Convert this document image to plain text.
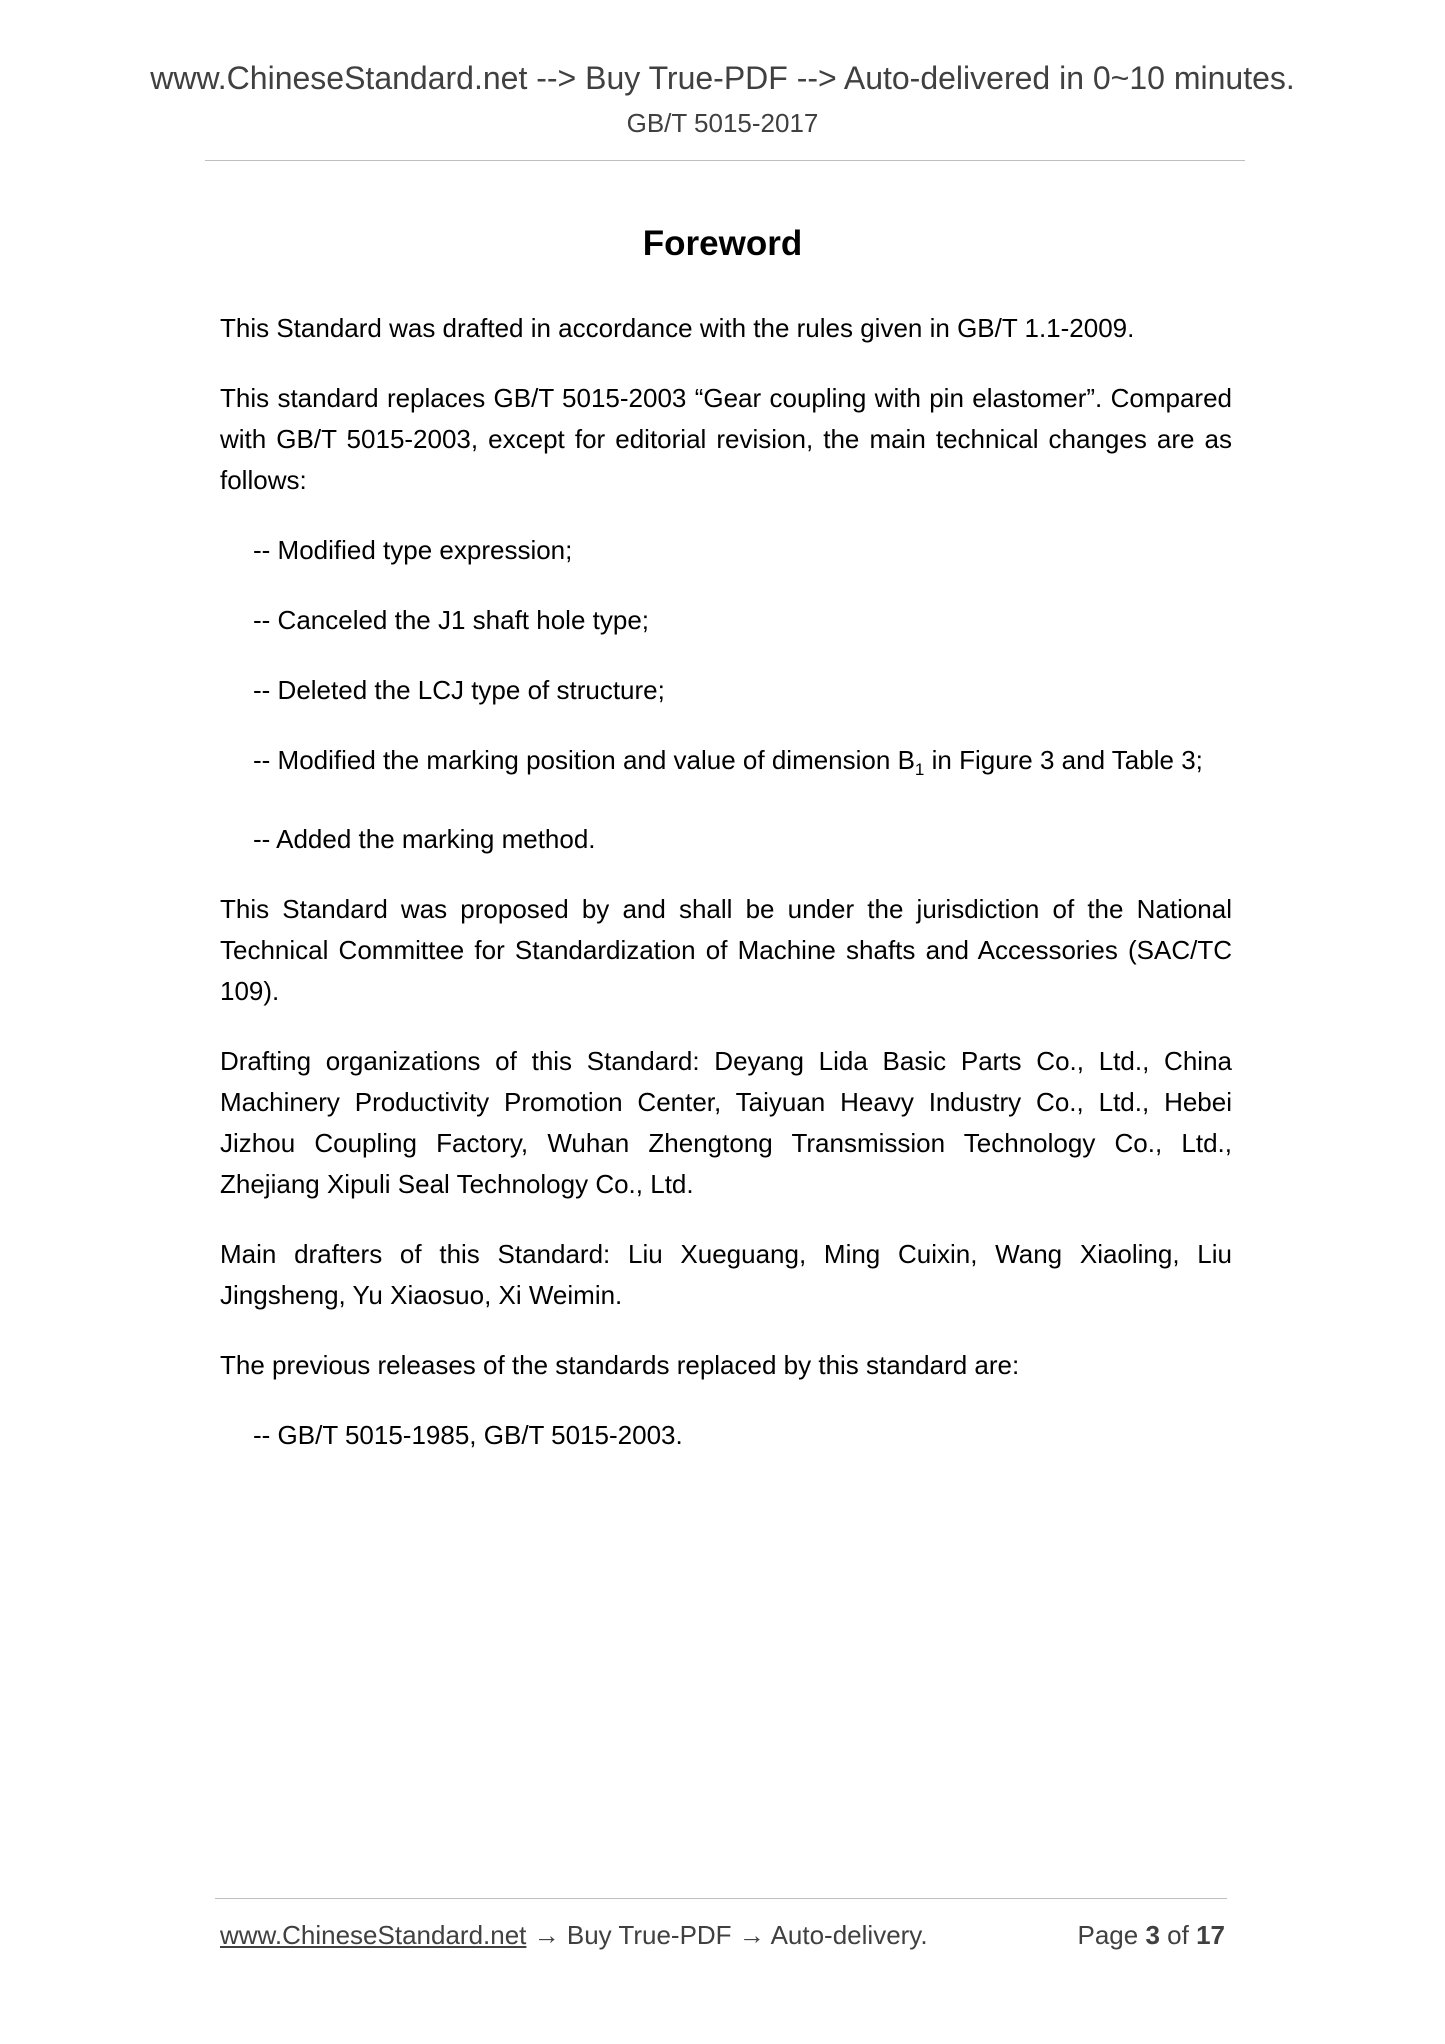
www.ChineseStandard.net --> Buy True-PDF --> Auto-delivered in 0~10 minutes.
GB/T 5015-2017
Foreword

This Standard was drafted in accordance with the rules given in GB/T 1.1-2009.

This standard replaces GB/T 5015-2003 “Gear coupling with pin elastomer”. Compared with GB/T 5015-2003, except for editorial revision, the main technical changes are as follows:

-- Modified type expression;

-- Canceled the J1 shaft hole type;

-- Deleted the LCJ type of structure;

-- Modified the marking position and value of dimension $B_1$ in Figure 3 and Table 3;

-- Added the marking method.

This Standard was proposed by and shall be under the jurisdiction of the National Technical Committee for Standardization of Machine shafts and Accessories (SAC/TC 109).

Drafting organizations of this Standard: Deyang Lida Basic Parts Co., Ltd., China Machinery Productivity Promotion Center, Taiyuan Heavy Industry Co., Ltd., Hebei Jizhou Coupling Factory, Wuhan Zhengtong Transmission Technology Co., Ltd., Zhejiang Xipuli Seal Technology Co., Ltd.

Main drafters of this Standard: Liu Xueguang, Ming Cuixin, Wang Xiaoling, Liu Jingsheng, Yu Xiaosuo, Xi Weimin.

The previous releases of the standards replaced by this standard are:

-- GB/T 5015-1985, GB/T 5015-2003.

www.ChineseStandard.net → Buy True-PDF → Auto-delivery.	Page 3 of 17
